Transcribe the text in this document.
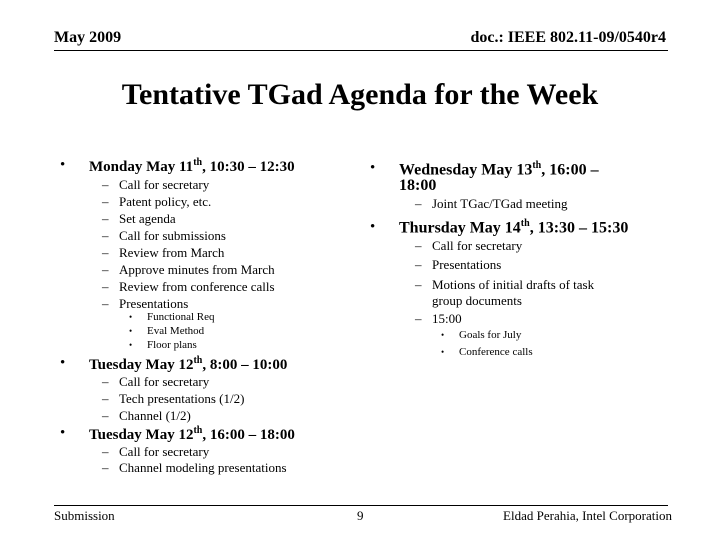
May 2009	doc.: IEEE 802.11-09/0540r4
Tentative TGad Agenda for the Week
• Monday May 11th, 10:30 – 12:30
– Call for secretary
– Patent policy, etc.
– Set agenda
– Call for submissions
– Review from March
– Approve minutes from March
– Review from conference calls
– Presentations
• Functional Req
• Eval Method
• Floor plans
• Tuesday May 12th, 8:00 – 10:00
– Call for secretary
– Tech presentations (1/2)
– Channel (1/2)
• Tuesday May 12th, 16:00 – 18:00
– Call for secretary
– Channel modeling presentations
• Wednesday May 13th, 16:00 –
18:00
– Joint TGac/TGad meeting
• Thursday May 14th, 13:30 – 15:30
– Call for secretary
– Presentations
– Motions of initial drafts of task
group documents
– 15:00
• Goals for July
• Conference calls
Submission	9	Eldad Perahia, Intel Corporation
